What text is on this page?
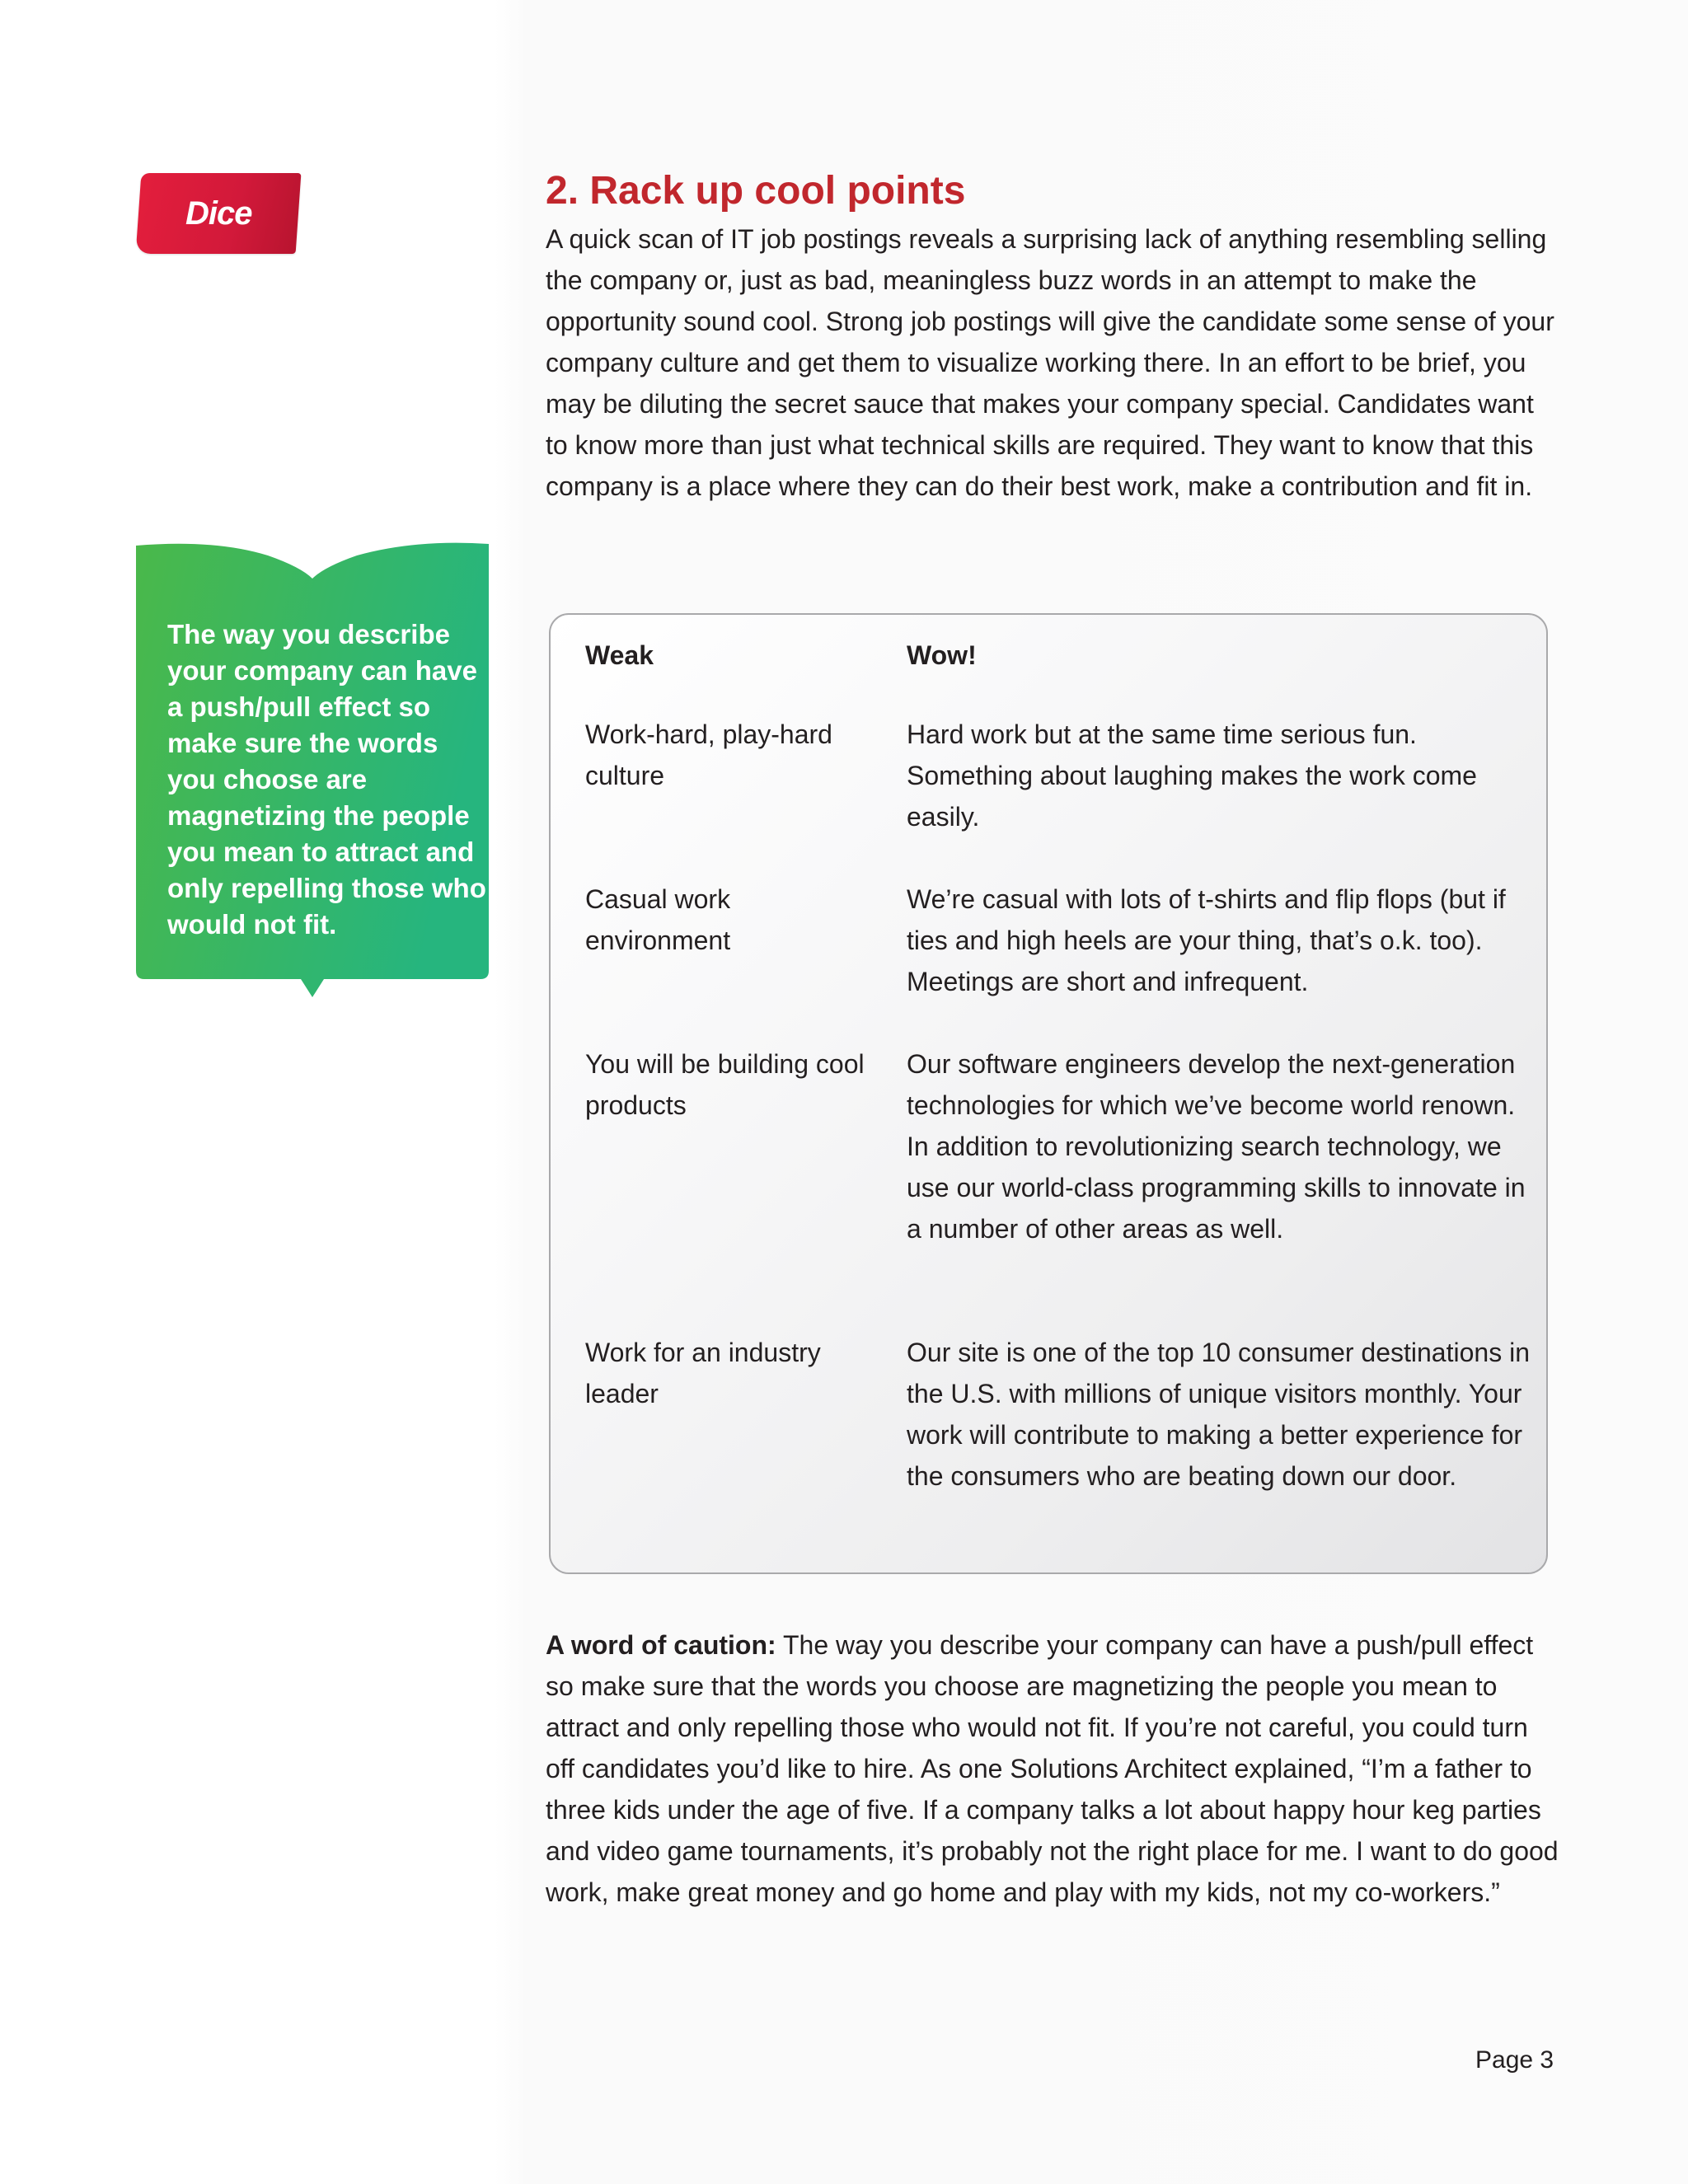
Dice
The way you describe your company can have a push/pull effect so make sure the words you choose are magnetizing the people you mean to attract and only repelling those who would not fit.
2. Rack up cool points

A quick scan of IT job postings reveals a surprising lack of anything resembling selling the company or, just as bad, meaningless buzz words in an attempt to make the opportunity sound cool. Strong job postings will give the candidate some sense of your company culture and get them to visualize working there. In an effort to be brief, you may be diluting the secret sauce that makes your company special. Candidates want to know more than just what technical skills are required. They want to know that this company is a place where they can do their best work, make a contribution and fit in.

Weak	Wow!
Work-hard, play-hard culture
Hard work but at the same time serious fun. Something about laughing makes the work come easily.
Casual work environment
We’re casual with lots of t-shirts and flip flops (but if ties and high heels are your thing, that’s o.k. too). Meetings are short and infrequent.
You will be building cool products
Our software engineers develop the next-generation technologies for which we’ve become world renown. In addition to revolutionizing search technology, we use our world-class programming skills to innovate in a number of other areas as well.
Work for an industry leader
Our site is one of the top 10 consumer destinations in the U.S. with millions of unique visitors monthly. Your work will contribute to making a better experience for the consumers who are beating down our door.

A word of caution: The way you describe your company can have a push/pull effect so make sure that the words you choose are magnetizing the people you mean to attract and only repelling those who would not fit. If you’re not careful, you could turn off candidates you’d like to hire. As one Solutions Architect explained, “I’m a father to three kids under the age of five. If a company talks a lot about happy hour keg parties and video game tournaments, it’s probably not the right place for me. I want to do good work, make great money and go home and play with my kids, not my co-workers.”

Page 3
